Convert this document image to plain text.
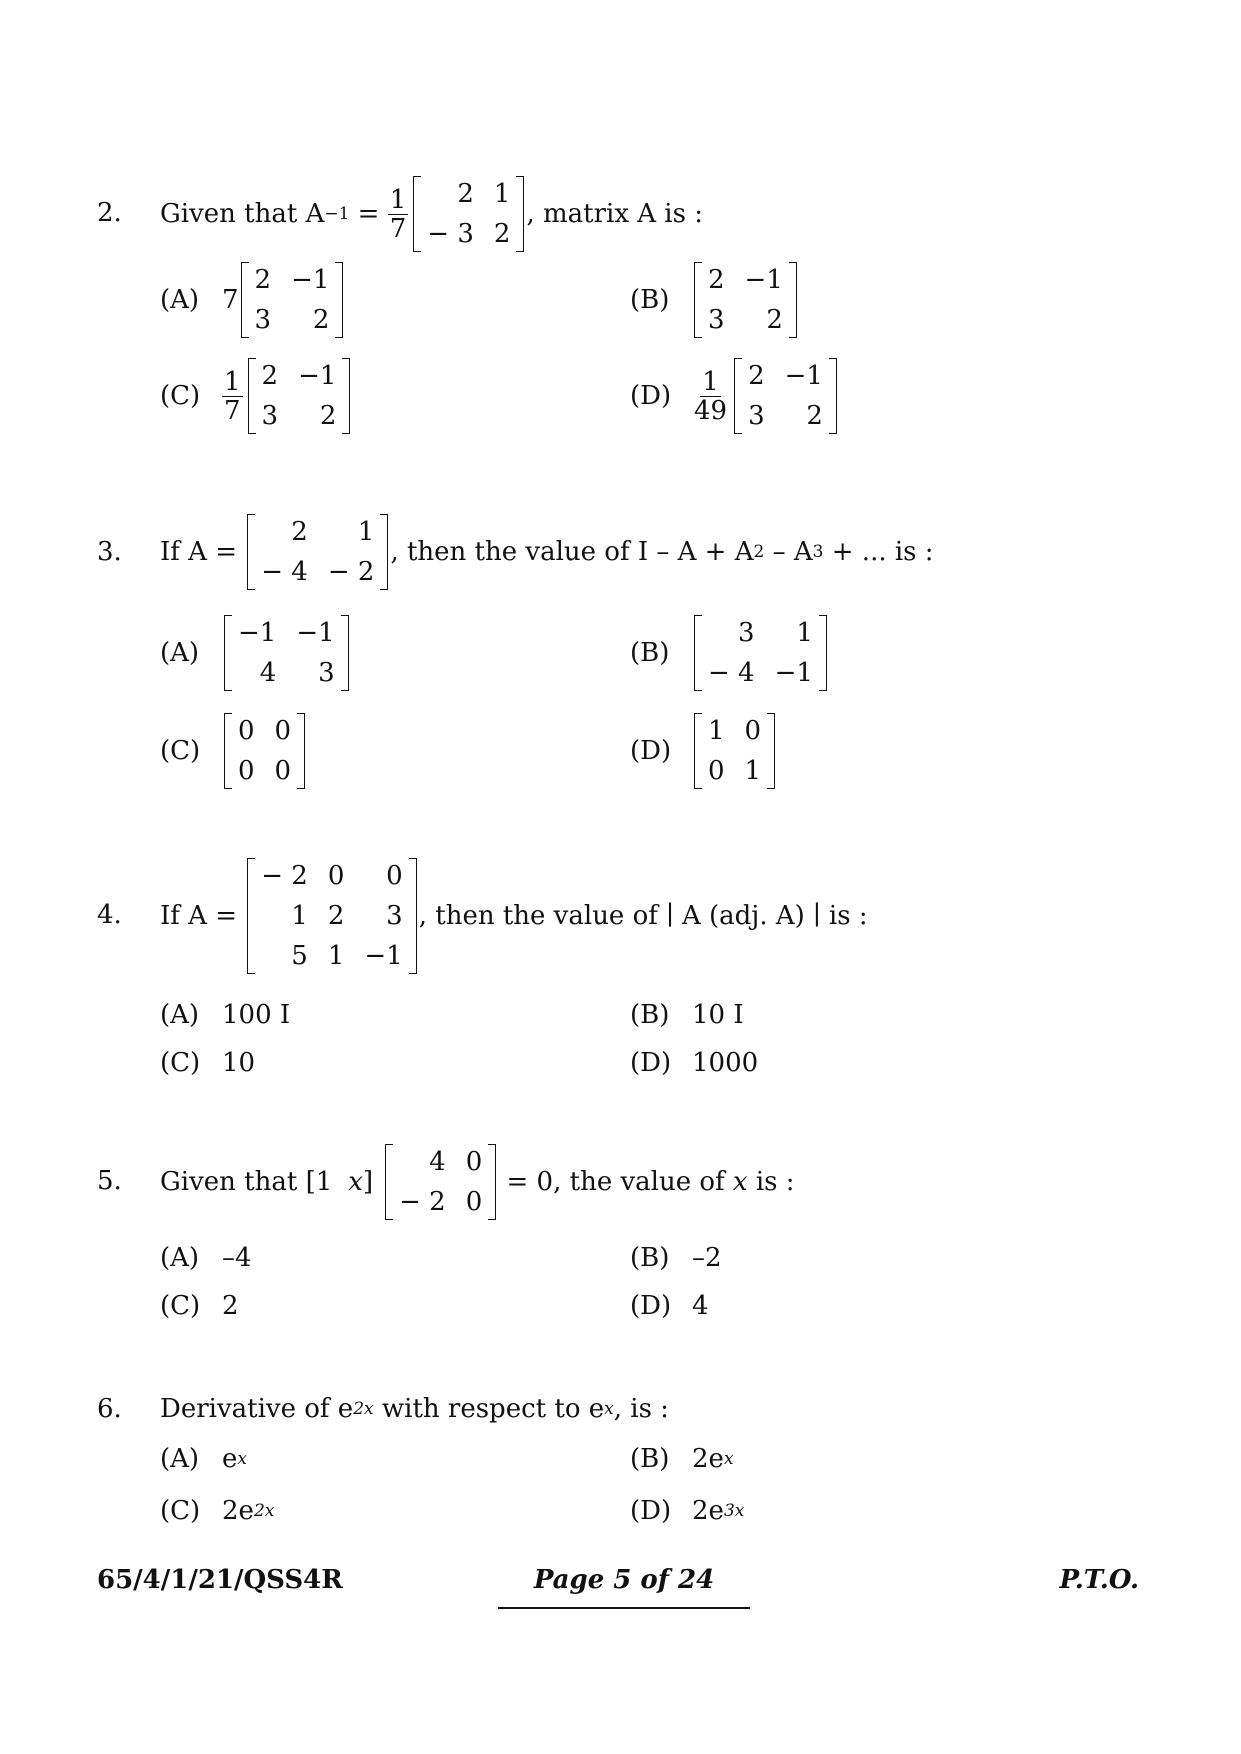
2. Given that $A -1 = \frac{1}{7}$	2 1
− 3 2
, matrix A is :
(A) 7
2 −1
3	2
(B)
2 −1
3	2
$(C) \frac{1}{7} 2 -1$
3	2
$(D) \frac{1}{49} 2 -1$
3	2
3. If A =
2	1
− 4 − 2
, then the value of I – A + A 2 – A 3 + ... is :
(A)
−1 −1
4	3
(B)
3	1
− 4 −1
(C)
0 0
0 0
(D)
1 0
0 1
4. If A =
− 2 0	0
1 2	3
5 1 −1
, then the value of ∣ A (adj. A) ∣ is :
(A) 100 I	(B) 10 I
(C) 10	(D) 1000
5. Given that [1 x ]
4 0
− 2 0
= 0, the value of x is :
(A) –4	(B) –2
(C) 2	(D) 4
6. Derivative of e 2x with respect to e x , is :
(A) e x	(B) 2e x
(C) 2e 2x	(D) 2e 3x
65/4/1/21/QSS4R	Page 5 of 24	P.T.O.
